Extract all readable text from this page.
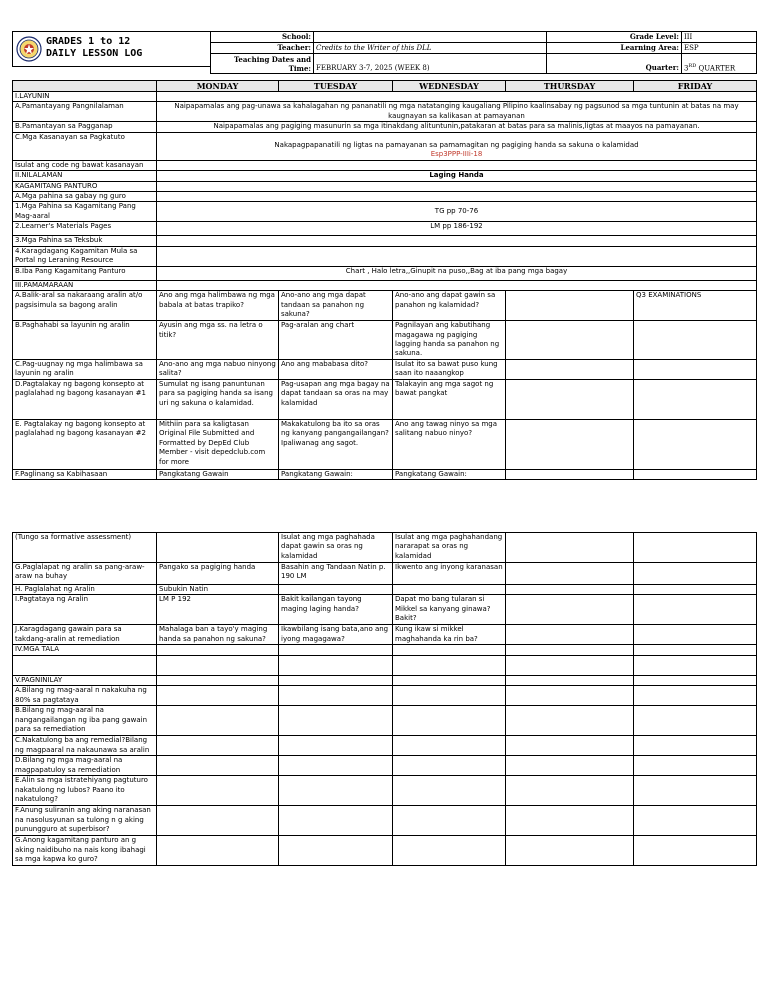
GRADES 1 to 12
DAILY LESSON LOG
School:		Grade Level:	III
Teacher:	Credits to the Writer of this DLL	Learning Area:	ESP

Teaching Dates and
Time:	FEBRUARY 3-7, 2025 (WEEK 8)	Quarter:	3RD QUARTER
	MONDAY	TUESDAY	WEDNESDAY	THURSDAY	FRIDAY
I.LAYUNIN					
A.Pamantayang Pangnilalaman	Naipapamalas ang pag-unawa sa kahalagahan ng pananatili ng mga natatanging kaugaliang Pilipino kaalinsabay ng pagsunod sa mga tuntunin at batas na may kaugnayan sa kalikasan at pamayanan				
B.Pamantayan sa Pagganap	Naipapamalas ang pagiging masunurin sa mga itinakdang alituntunin,patakaran at batas para sa malinis,ligtas at maayos na pamayanan.				
C.Mga Kasanayan sa Pagkatuto	Nakapagpapanatili ng ligtas na pamayanan sa pamamagitan ng pagiging handa sa sakuna o kalamidad
Esp3PPP-IIIi-18				

Isulat ang code ng bawat kasanayan					
II.NILALAMAN	Laging Handa				
KAGAMITANG PANTURO					
A.Mga pahina sa gabay ng guro					
1.Mga Pahina sa Kagamitang Pang Mag-aaral	TG pp 70-76				
2.Learner's Materials Pages	LM pp 186-192				
3.Mga Pahina sa Teksbuk					
4.Karagdagang Kagamitan Mula sa Portal ng Leraning Resource					
B.Iba Pang Kagamitang Panturo	Chart , Halo letra,,Ginupit na puso,,Bag at iba pang mga bagay				
III.PAMAMARAAN					
A.Balik-aral sa nakaraang aralin at/o pagsisimula sa bagong aralin	Ano ang mga halimbawa ng mga babala at batas trapiko?	Ano-ano ang mga dapat tandaan sa panahon ng sakuna?	Ano-ano ang dapat gawin sa panahon ng kalamidad?		Q3 EXAMINATIONS
B.Paghahabi sa layunin ng aralin	Ayusin ang mga ss. na letra o titik?	Pag-aralan ang chart	Pagnilayan ang kabutihang magagawa ng pagiging lagging handa sa panahon ng sakuna.		
C.Pag-uugnay ng mga halimbawa sa layunin ng aralin	Ano-ano ang mga nabuo ninyong salita?	Ano ang mababasa dito?	Isulat ito sa bawat puso kung saan ito naaangkop		
D.Pagtalakay ng bagong konsepto at paglalahad ng bagong kasanayan #1	Sumulat ng isang panuntunan para sa pagiging handa sa isang uri ng sakuna o kalamidad.	Pag-usapan ang mga bagay na dapat tandaan sa oras na may kalamidad	Talakayin ang mga sagot ng bawat pangkat		
E. Pagtalakay ng bagong konsepto at paglalahad ng bagong kasanayan #2	Mithiin para sa kaligtasan Original File Submitted and Formatted by DepEd Club Member - visit depedclub.com for more	Makakatulong ba ito sa oras ng kanyang pangangailangan? Ipaliwanag ang sagot.	Ano ang tawag ninyo sa mga salitang nabuo ninyo?		
F.Paglinang sa Kabihasaan	Pangkatang Gawain	Pangkatang Gawain:	Pangkatang Gawain:		
(Tungo sa formative assessment)		Isulat ang mga paghahada dapat gawin sa oras ng kalamidad	Isulat ang mga paghahandang nararapat sa oras ng kalamidad		
G.Paglalapat ng aralin sa pang-araw-araw na buhay	Pangako sa pagiging handa	Basahin ang Tandaan Natin p. 190 LM	Ikwento ang inyong karanasan		
H. Paglalahat ng Aralin	Subukin Natin				
I.Pagtataya ng Aralin	LM P 192	Bakit kailangan tayong maging laging handa?	Dapat mo bang tularan si Mikkel sa kanyang ginawa? Bakit?		
J.Karagdagang gawain para sa takdang-aralin at remediation	Mahalaga ban a tayo'y maging handa sa panahon ng sakuna?	Ikawbilang isang bata,ano ang iyong magagawa?	Kung ikaw si mikkel maghahanda ka rin ba?		
IV.MGA TALA					

V.PAGNINILAY					
A.Bilang ng mag-aaral n nakakuha ng 80% sa pagtataya					
B.Bilang ng mag-aaral na nangangailangan ng iba pang gawain para sa remediation					
C.Nakatulong ba ang remedial?Bilang ng magpaaral na nakaunawa sa aralin					
D.Bilang ng mga mag-aaral na magpapatuloy sa remediation					
E.Alin sa mga istratehiyang pagtuturo nakatulong ng lubos? Paano ito nakatulong?					
F.Anung suliranin ang aking naranasan na nasolusyunan sa tulong n g aking punungguro at superbisor?					
G.Anong kagamitang panturo an g aking naidibuho na nais kong ibahagi sa mga kapwa ko guro?					
